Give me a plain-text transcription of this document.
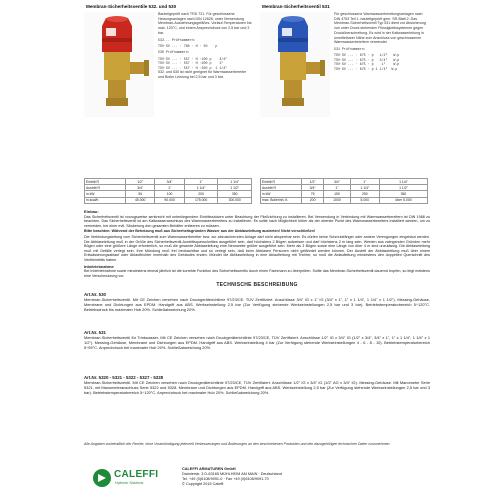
Membran-Sicherheitsventile 532. und 530

Bauteilgeprüft nach TRD 721. Für geschlossene Heizungsanlagen nach DIN 12828, unter Verwendung Membran-Ausdehnungsgefäßes. Vorlauf-Temperaturen bis max. 120°C, und einem Ansprechdruck von 2,5 bar und 3 bar.

532... Prüfnummern:

TÜV·SV ... · 760 · H · 50    p

530 Prüfnummern:

TÜV·SV ... · 557 · H ·100 p    3/4"
TÜV·SV ... · 557 · H ·200 p    1"
TÜV·SV ... · 557 · H ·350 p  1 1/4"

532. und 530 ist nicht geeignet für Warmwasserbereiter und Boiler Leistung bei 2,5 bar und 3 bar.

Membran-Sicherheitsventil 531

Für geschlossene Warmwasserbereitungsanlagen nach DIN 4753 Teil 1, bauteilgeprüft gem. SR-Blatt 2. Das Membran-Sicherheitsventil Typ 531 dient zur Absicherung von unter Druck stehenden Flüssigkeitssystemen gegen Drucküberschreitung. Es wird in der Kaltwasserleitung in unmittelbarer Nähe zum Anschluss von geschlossenen Warmwasserbereitern verwendet.

531 Prüfnummern:

TÜV·SV ... · 675 · p   1/2"   W.p
TÜV·SV ... · 675 · p   3/4"   W.p
TÜV·SV ... · 675 · p    1"    W.p
TÜV·SV ... · 675 · p 1 1/4"  W.p
Eintritt R	1/2"	3/4"	1"	1 1/4"
Austritt R	3/4"	1"	1 1/4"	1 1/2"
in kW	50	100	200	350
in kcal/h	45.000	90.000	175.000	300.000
Eintritt R	1/2"	3/4"	1"	1 1/4"
Austritt R	3/4"	1"	1 1/4"	1 1/2"
in kW	75	150	250	350
max. Boilerinh. lt.	200	1000	5.000	über 5.000
Einbau:

Das Sicherheitsventil ist vorzugsweise senkrecht mit untenliegendem Eintrittsstutzen unter Beachtung der Fließrichtung zu installieren. Bei Verwendung in Verbindung mit Warmwasserbereitern ist DIN 1988 zu beachten. Das Sicherheitsventil ist am Kaltwasseranschluss des Warmwasserbereiters zu installieren. Es sollte nach Möglichkeit höher als der oberste Punkt des Warmwasserbereiters installiert werden, um zu vermeiden, bei einer evtl. Säuberung den gesamten Behälter entleeren zu müssen.

Bitte beachten: Während der Beheizung muß aus Sicherheitsgründen Wasser aus der Abblaseleitung austreten! Nicht verschließen!

Die Verbindungsleitung vom Sicherheitsventil zum Warmwasserbereiter bzw. zur abzusichernden Anlage darf nicht absperrbar sein. Es dürfen keine Schmutzfänger oder andere Verengungen eingebaut werden. Die Abblaseleitung muß in der Größe des Sicherheitsventil-Austrittsquerschnittes ausgeführt sein, darf höchstens 2 Bögen aufweisen und darf höchstens 2 m lang sein. Werden aus zwingenden Gründen mehr Bögen oder eine größere Länge erforderlich, so muß die gesamte Abblaseleitung eine Nennweite größer ausgeführt sein. Mehr als 3 Bögen sowie eine Länge von über 4 m sind unzulässig. Die Abblaseleitung muß mit Gefälle verlegt sein. Ihre Mündung muß frei beobachtbar und so verlegt sein, daß beim Abblasen Personen nicht gefährdet werden können. Der Austritt der Abblaseleitung muß über einem Entwässerungsablauf oder Ablauftrichter innerhalb des Gebäudes enden. Mündet die Abblaseleitung in eine Ablaufleitung mit Trichter, so muß die Ablaufleitung mindestens den doppelten Querschnitt des Ventileintritts haben.

Inbetriebnahme

Bei Inbetriebnahme sowie mindestens einmal jährlich ist die korrekte Funktion des Sicherheitsventils durch einen Fachmann zu überprüfen. Sollte das Membran-Sicherheitsventil dauernd tropfen, so liegt meistens eine Verschmutzung vor.

TECHNISCHE BESCHREIBUNG
Art.Nr. 530

Membran-Sicherheitsventil. Mit CE Zeichen versehen nach Druckgeräterichtlinie 97/23/CE. TÜV Zertifiziert. Anschlüsse 3/4" IG x 1" IG (3/4" x 1", 1" x 1 1/4", 1 1/4" x 1 1/2"). Messing-Gehäuse, Membrane und Dichtungen aus EPDM. Handgriff aus ABS. Werkseinstellung 2,5 bar (Zur Verfügung stehende Werkseinstellungen 2,5 bar und 3 bar). Betriebstemperaturbereich 5÷120°C. Betriebsdruck bis maximaler Hub 20%. Schließabweichung 20%.

Art.Nr. 531

Membran-Sicherheitsventil für Trinkwasser. Mit CE Zeichen versehen nach Druckgeräterichtlinie 97/23/CE, TÜV Zertifiziert. Anschlüsse 1/2" IG x 3/4" IG (1/2" x 3/4", 3/4" x 1", 1" x 1 1/4", 1 1/4" x 1 1/2"). Messing-Gehäuse, Membrane und Dichtungen aus EPDM. Handgriff aus ABS. Werkseinstellung 4 bar (Zur Verfügung stehende Werkseinstellungen 4 - 6 - 8 - 10). Betriebstemperaturbereich 5÷95°C. Anprechdruck bei maximaler Hub 20%. Schließabweichung 20%.

Art.Nr. 5320 - 5321 - 5322 - 5327 - 5328

Membran-Sicherheitsventil. Mit CE Zeichen versehen nach Druckgeräterichtlinie 97/23/CE, TÜV Zertifiziert. Anschlüsse 1/2" IG x 3/4" IG (1/2" AG x 3/4" IG). Messing-Gehäuse. Mit Manometer Serie 5321, mit Manometeranschluss Serie 5322 und 5328. Membrane und Dichtungen aus EPDM. Handgriff aus ABS. Werkseinstellung 2,5 bar (Zur Verfügung stehende Werkseinstellungen 2,5 bar und 3 bar). Betriebstemperaturbereich 5÷120°C. Anprechdruck bei maximaler Hub 20%. Schließabweichung 20%.

Alle Angaben vorbehaltlich der Rechte, ohne Vorankündigung jederzeit Verbesserungen und Änderungen an den beschriebenen Produkten und den dazugehörigen technischen Daten vorzunehmen.
CALEFFI
Hydronic Solutions
CALEFFI ARMATUREN GmbH
Daimlerstr. 3 D-63165 MÜHLHEIM AM MAIN · Deutschland
Tel. +49 (0)6108/9091-0 · Fax +49 (0)6108/9091-70
© Copyright 2015 Caleffi
